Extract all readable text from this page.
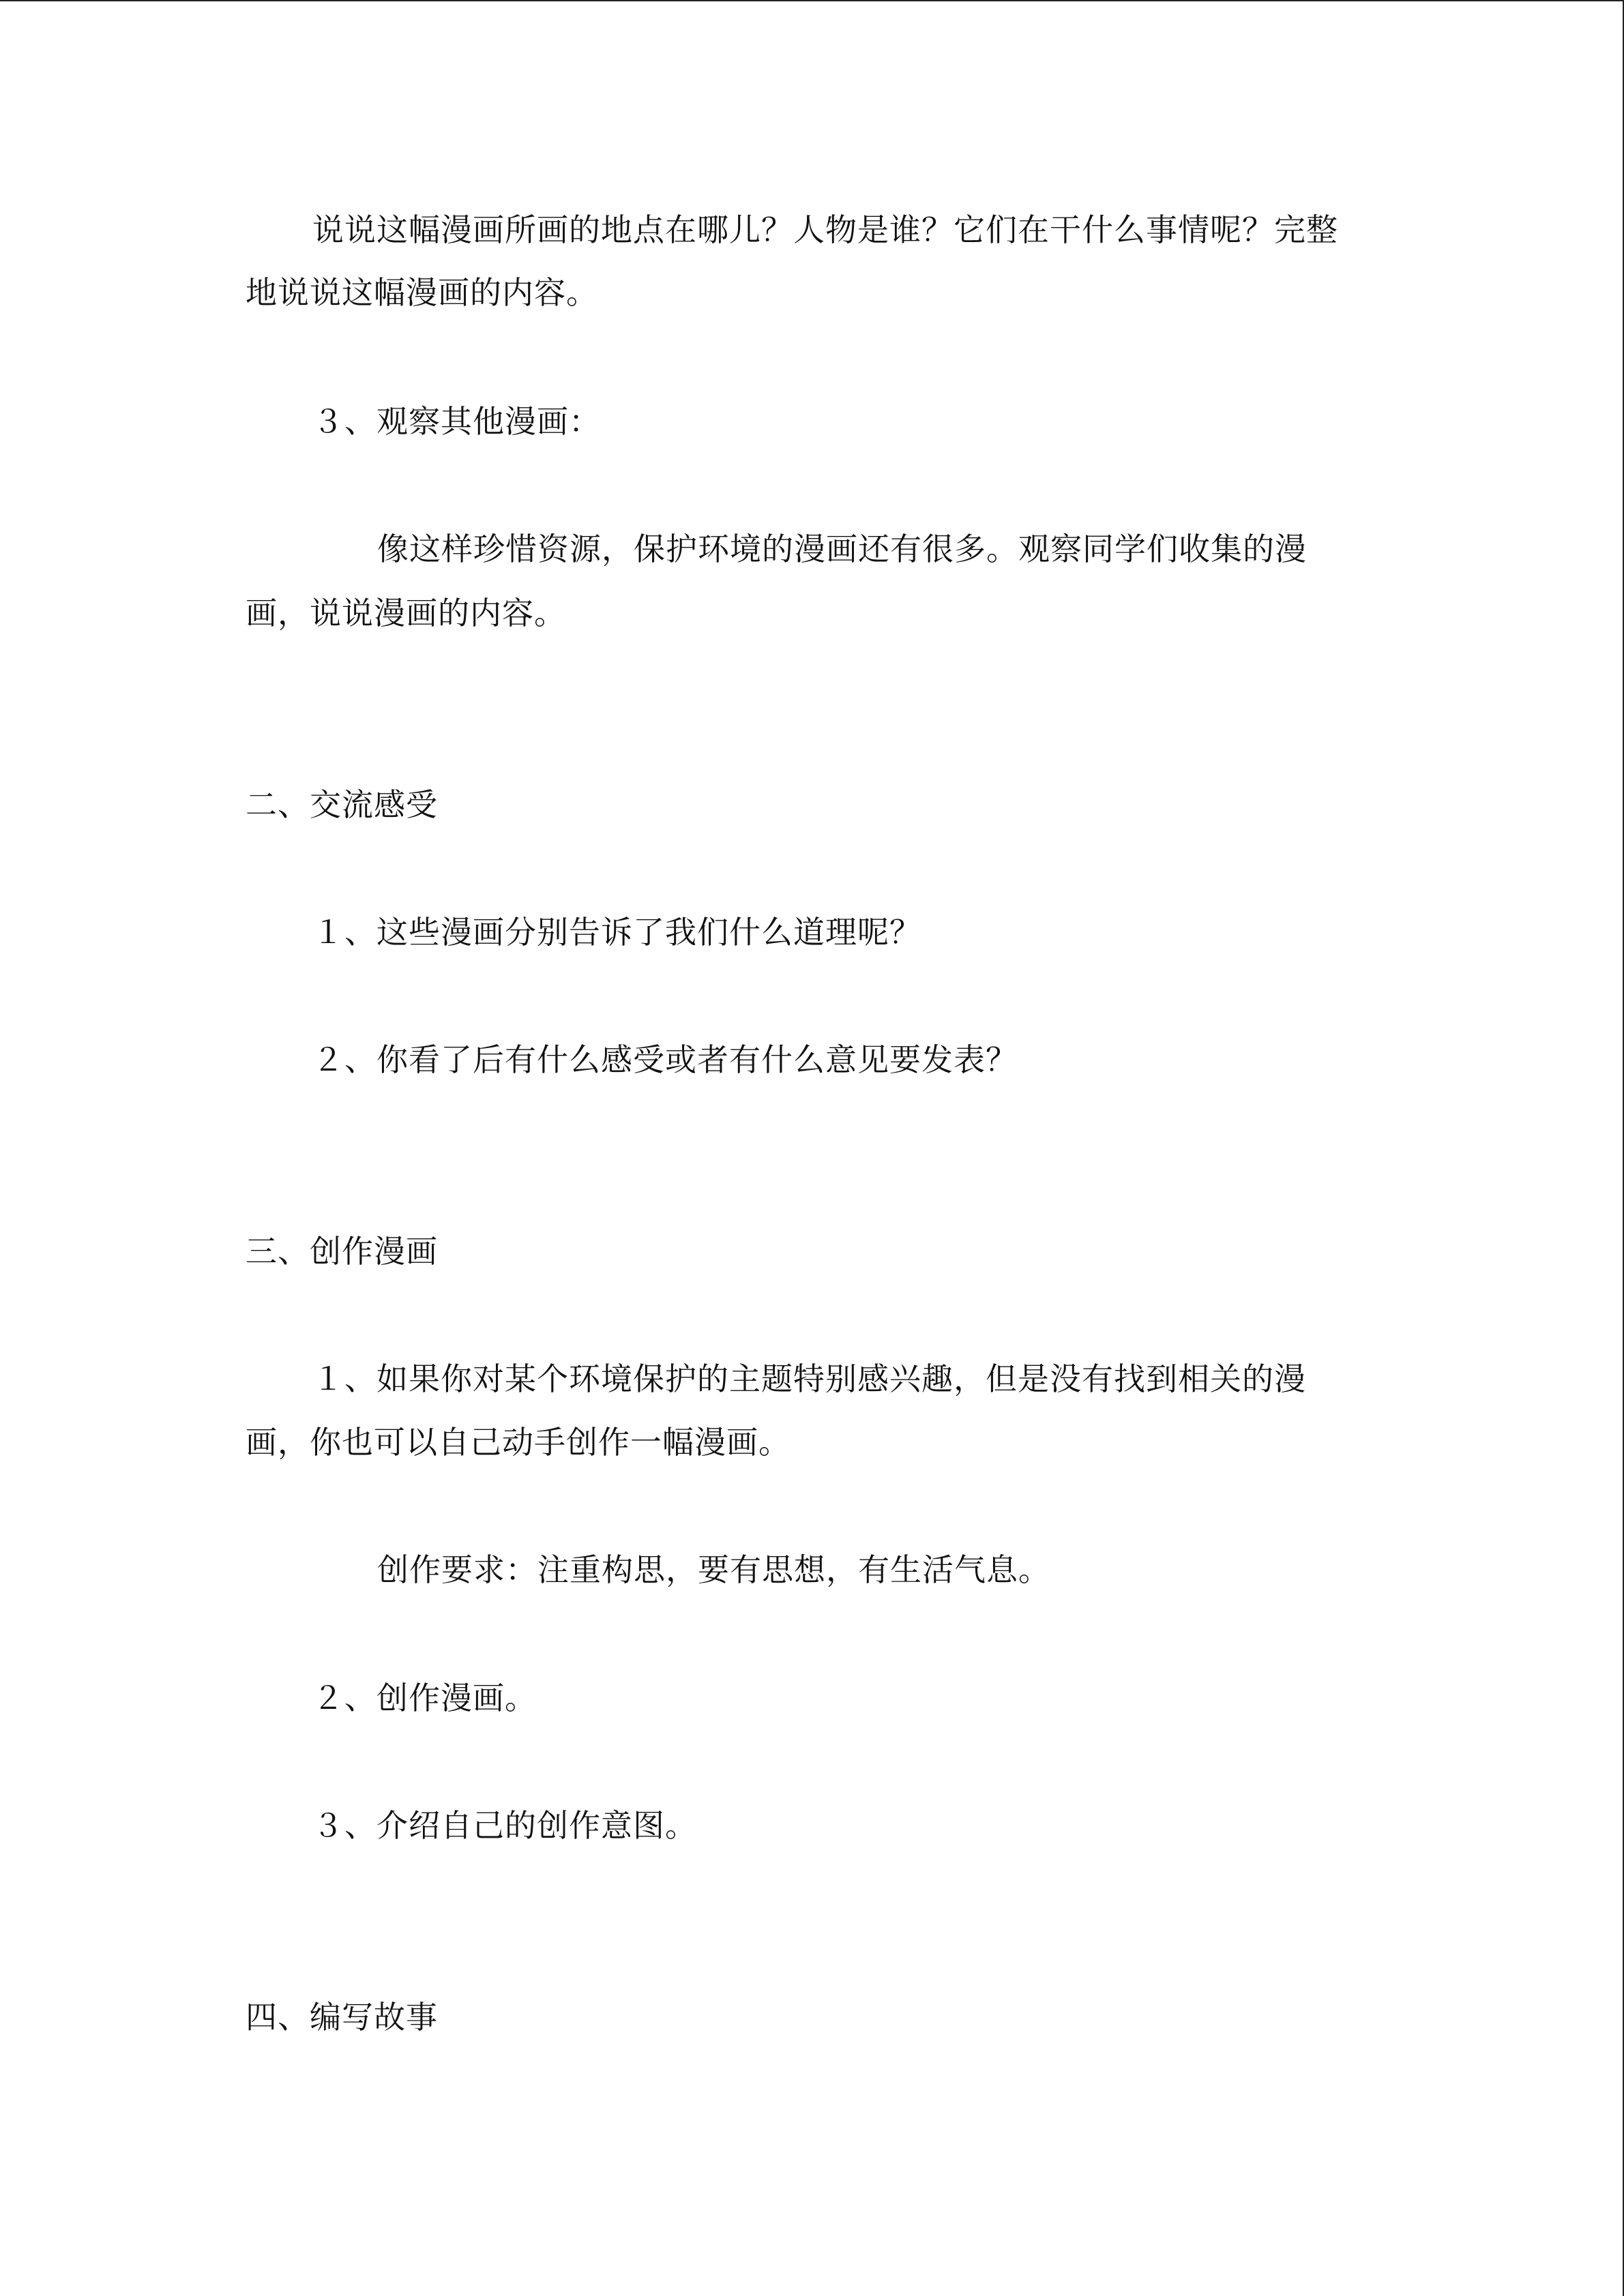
说说这幅漫画所画的地点在哪儿？人物是谁？它们在干什么事情呢？完整
地说说这幅漫画的内容。
３、观察其他漫画：
像这样珍惜资源，保护环境的漫画还有很多。观察同学们收集的漫
画，说说漫画的内容。
二、交流感受
１、这些漫画分别告诉了我们什么道理呢？
２、你看了后有什么感受或者有什么意见要发表？
三、创作漫画
１、如果你对某个环境保护的主题特别感兴趣，但是没有找到相关的漫
画，你也可以自己动手创作一幅漫画。
创作要求：注重构思，要有思想，有生活气息。
２、创作漫画。
３、介绍自己的创作意图。
四、编写故事
